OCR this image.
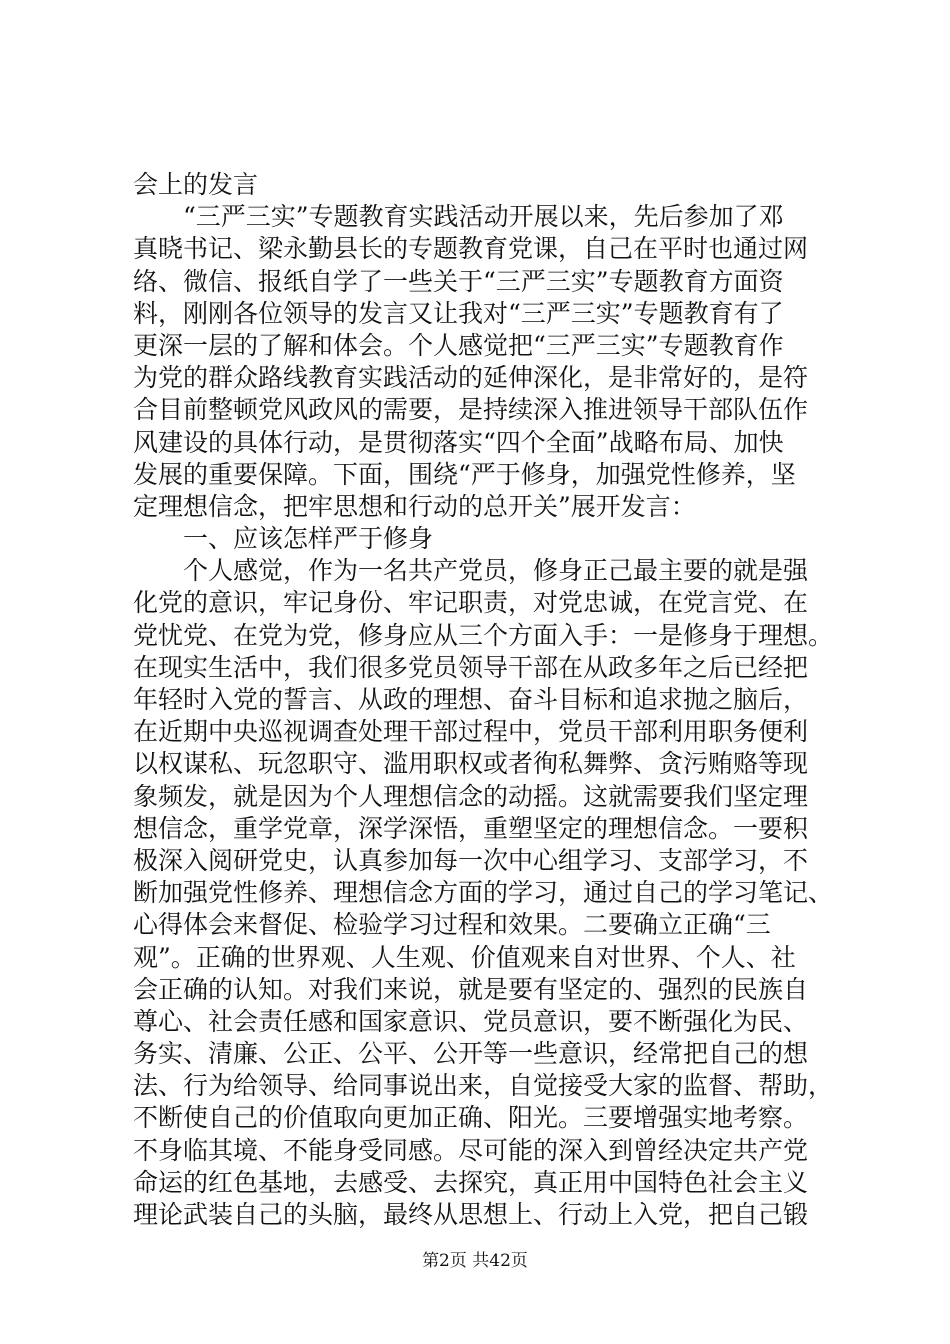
会上的发言
“三严三实”专题教育实践活动开展以来，先后参加了邓
真晓书记、梁永勤县长的专题教育党课，自己在平时也通过网
络、微信、报纸自学了一些关于“三严三实”专题教育方面资
料，刚刚各位领导的发言又让我对“三严三实”专题教育有了
更深一层的了解和体会。个人感觉把“三严三实”专题教育作
为党的群众路线教育实践活动的延伸深化，是非常好的，是符
合目前整顿党风政风的需要，是持续深入推进领导干部队伍作
风建设的具体行动，是贯彻落实“四个全面”战略布局、加快
发展的重要保障。下面，围绕“严于修身，加强党性修养，坚
定理想信念，把牢思想和行动的总开关”展开发言：
一、应该怎样严于修身
个人感觉，作为一名共产党员，修身正己最主要的就是强
化党的意识，牢记身份、牢记职责，对党忠诚，在党言党、在
党忧党、在党为党，修身应从三个方面入手：一是修身于理想。
在现实生活中，我们很多党员领导干部在从政多年之后已经把
年轻时入党的誓言、从政的理想、奋斗目标和追求抛之脑后，
在近期中央巡视调查处理干部过程中，党员干部利用职务便利
以权谋私、玩忽职守、滥用职权或者徇私舞弊、贪污贿赂等现
象频发，就是因为个人理想信念的动摇。这就需要我们坚定理
想信念，重学党章，深学深悟，重塑坚定的理想信念。一要积
极深入阅研党史，认真参加每一次中心组学习、支部学习，不
断加强党性修养、理想信念方面的学习，通过自己的学习笔记、
心得体会来督促、检验学习过程和效果。二要确立正确“三
观”。正确的世界观、人生观、价值观来自对世界、个人、社
会正确的认知。对我们来说，就是要有坚定的、强烈的民族自
尊心、社会责任感和国家意识、党员意识，要不断强化为民、
务实、清廉、公正、公平、公开等一些意识，经常把自己的想
法、行为给领导、给同事说出来，自觉接受大家的监督、帮助，
不断使自己的价值取向更加正确、阳光。三要增强实地考察。
不身临其境、不能身受同感。尽可能的深入到曾经决定共产党
命运的红色基地，去感受、去探究，真正用中国特色社会主义
理论武装自己的头脑，最终从思想上、行动上入党，把自己锻
第2页 共42页
